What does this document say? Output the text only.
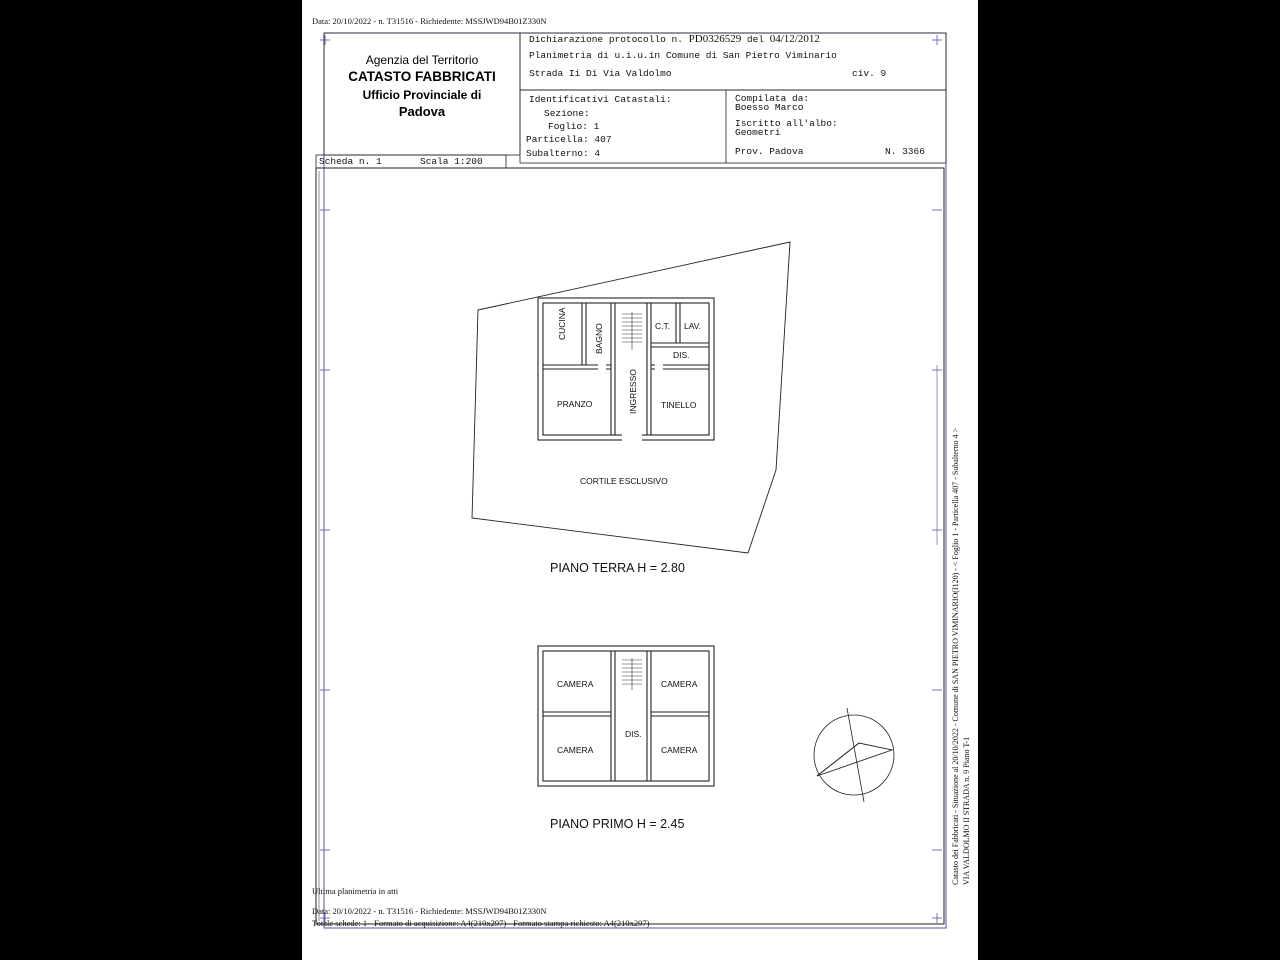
Data: 20/10/2022 - n. T31516 - Richiedente: MSSJWD94B01Z330N
Agenzia del Territorio
CATASTO FABBRICATI
Ufficio Provinciale di
Padova
Dichiarazione protocollo n. PD0326529 del 04/12/2012
Planimetria di u.i.u.in Comune di San Pietro Viminario
Strada Ii Di Via Valdolmo	civ. 9
Identificativi Catastali:
Sezione:
Foglio: 1
Particella: 407
Subalterno: 4
Compilata da:
Boesso Marco
Iscritto all'albo:
Geometri
Prov. Padova	N. 3366
Scheda n. 1	Scala 1:200
CUCINA	BAGNO	C.T. LAV.
DIS.
PRANZO	INGRESSO	TINELLO
CORTILE ESCLUSIVO
PIANO TERRA H = 2.80
CAMERA	CAMERA
DIS.
CAMERA	CAMERA
PIANO PRIMO H = 2.45
Ultima planimetria in atti
Data: 20/10/2022 - n. T31516 - Richiedente: MSSJWD94B01Z330N
Totale schede: 1 - Formato di acquisizione: A4(210x297) - Formato stampa richiesto: A4(210x297)
Catasto dei Fabbricati - Situazione al 20/10/2022 - Comune di SAN PIETRO VIMINARIO(I120) - < Foglio 1 - Particella 407 - Subalterno 4 > VIA VALDOLMO II STRADA n. 9 Piano T-1
